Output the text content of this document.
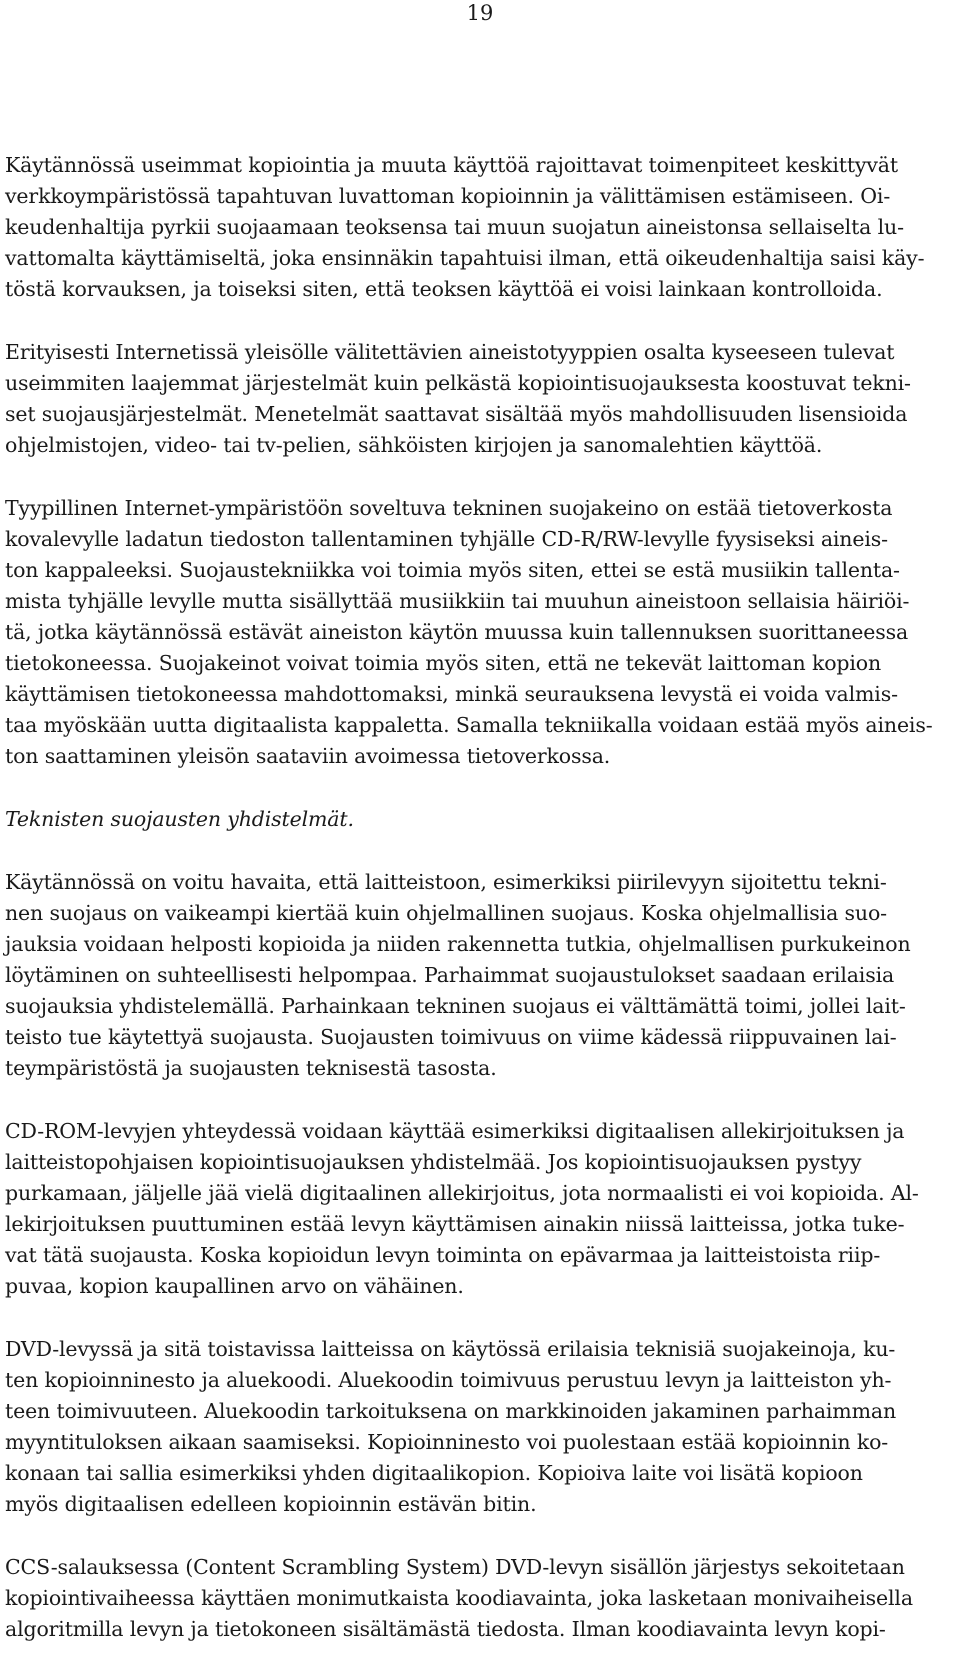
19

Käytännössä useimmat kopiointia ja muuta käyttöä rajoittavat toimenpiteet keskittyvät
verkkoympäristössä tapahtuvan luvattoman kopioinnin ja välittämisen estämiseen. Oi-
keudenhaltija pyrkii suojaamaan teoksensa tai muun suojatun aineistonsa sellaiselta lu-
vattomalta käyttämiseltä, joka ensinnäkin tapahtuisi ilman, että oikeudenhaltija saisi käy-
töstä korvauksen, ja toiseksi siten, että teoksen käyttöä ei voisi lainkaan kontrolloida.

Erityisesti Internetissä yleisölle välitettävien aineistotyyppien osalta kyseeseen tulevat
useimmiten laajemmat järjestelmät kuin pelkästä kopiointisuojauksesta koostuvat tekni-
set suojausjärjestelmät. Menetelmät saattavat sisältää myös mahdollisuuden lisensioida
ohjelmistojen, video- tai tv-pelien, sähköisten kirjojen ja sanomalehtien käyttöä.

Tyypillinen Internet-ympäristöön soveltuva tekninen suojakeino on estää tietoverkosta
kovalevylle ladatun tiedoston tallentaminen tyhjälle CD-R/RW-levylle fyysiseksi aineis-
ton kappaleeksi. Suojaustekniikka voi toimia myös siten, ettei se estä musiikin tallenta-
mista tyhjälle levylle mutta sisällyttää musiikkiin tai muuhun aineistoon sellaisia häiriöi-
tä, jotka käytännössä estävät aineiston käytön muussa kuin tallennuksen suorittaneessa
tietokoneessa. Suojakeinot voivat toimia myös siten, että ne tekevät laittoman kopion
käyttämisen tietokoneessa mahdottomaksi, minkä seurauksena levystä ei voida valmis-
taa myöskään uutta digitaalista kappaletta. Samalla tekniikalla voidaan estää myös aineis-
ton saattaminen yleisön saataviin avoimessa tietoverkossa.

Teknisten suojausten yhdistelmät.

Käytännössä on voitu havaita, että laitteistoon, esimerkiksi piirilevyyn sijoitettu tekni-
nen suojaus on vaikeampi kiertää kuin ohjelmallinen suojaus. Koska ohjelmallisia suo-
jauksia voidaan helposti kopioida ja niiden rakennetta tutkia, ohjelmallisen purkukeinon
löytäminen on suhteellisesti helpompaa. Parhaimmat suojaustulokset saadaan erilaisia
suojauksia yhdistelemällä. Parhainkaan tekninen suojaus ei välttämättä toimi, jollei lait-
teisto tue käytettyä suojausta. Suojausten toimivuus on viime kädessä riippuvainen lai-
teympäristöstä ja suojausten teknisestä tasosta.

CD-ROM-levyjen yhteydessä voidaan käyttää esimerkiksi digitaalisen allekirjoituksen ja
laitteistopohjaisen kopiointisuojauksen yhdistelmää. Jos kopiointisuojauksen pystyy
purkamaan, jäljelle jää vielä digitaalinen allekirjoitus, jota normaalisti ei voi kopioida. Al-
lekirjoituksen puuttuminen estää levyn käyttämisen ainakin niissä laitteissa, jotka tuke-
vat tätä suojausta. Koska kopioidun levyn toiminta on epävarmaa ja laitteistoista riip-
puvaa, kopion kaupallinen arvo on vähäinen.

DVD-levyssä ja sitä toistavissa laitteissa on käytössä erilaisia teknisiä suojakeinoja, ku-
ten kopioinninesto ja aluekoodi. Aluekoodin toimivuus perustuu levyn ja laitteiston yh-
teen toimivuuteen. Aluekoodin tarkoituksena on markkinoiden jakaminen parhaimman
myyntituloksen aikaan saamiseksi. Kopioinninesto voi puolestaan estää kopioinnin ko-
konaan tai sallia esimerkiksi yhden digitaalikopion. Kopioiva laite voi lisätä kopioon
myös digitaalisen edelleen kopioinnin estävän bitin.

CCS-salauksessa (Content Scrambling System) DVD-levyn sisällön järjestys sekoitetaan
kopiointivaiheessa käyttäen monimutkaista koodiavainta, joka lasketaan monivaiheisella
algoritmilla levyn ja tietokoneen sisältämästä tiedosta. Ilman koodiavainta levyn kopi-
